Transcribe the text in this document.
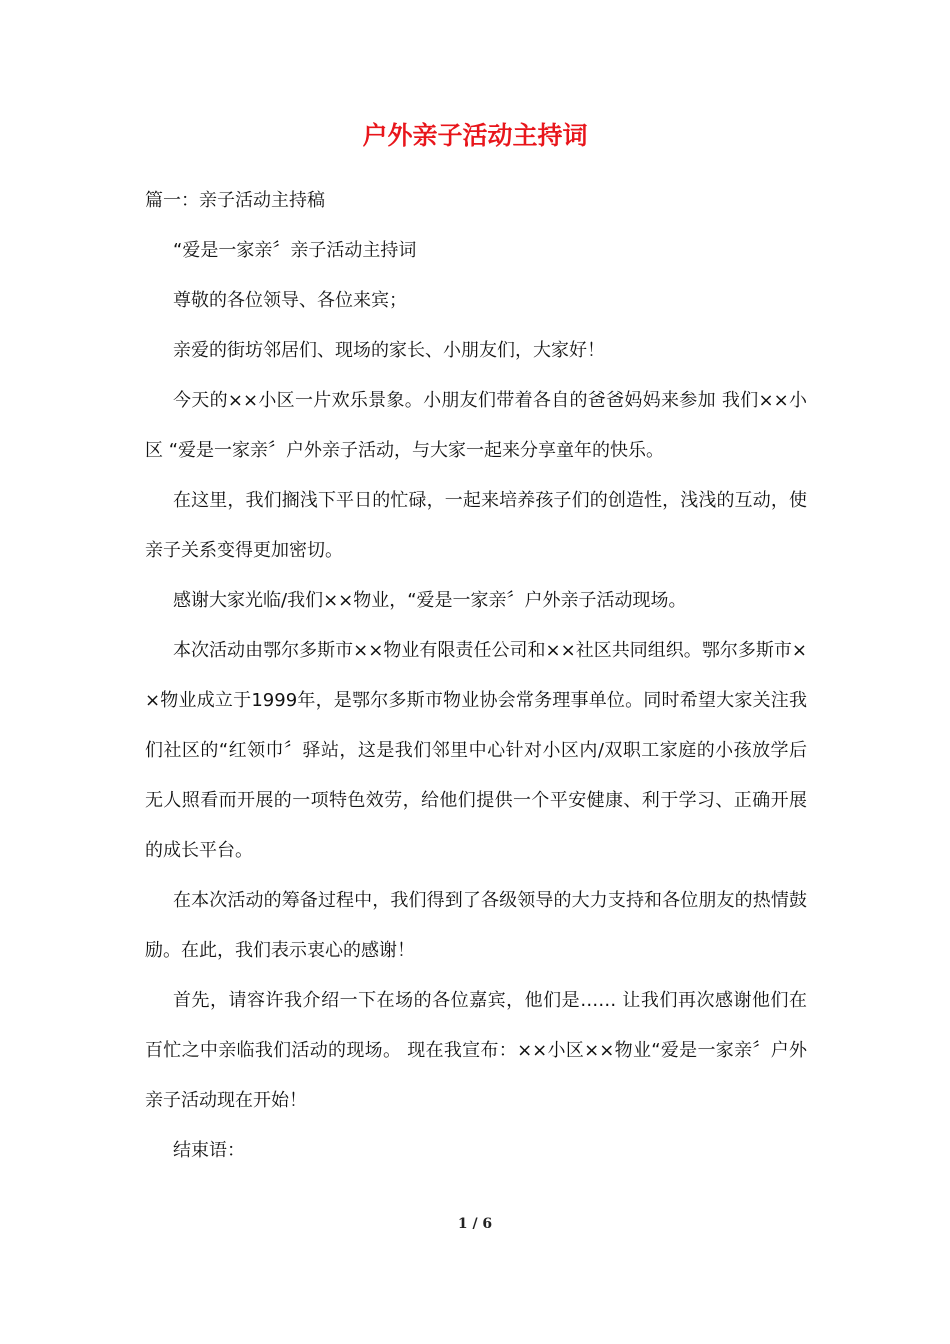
户外亲子活动主持词

篇一：亲子活动主持稿

“爱是一家亲〞亲子活动主持词

尊敬的各位领导、各位来宾；

亲爱的街坊邻居们、现场的家长、小朋友们，大家好！

今天的××小区一片欢乐景象。小朋友们带着各自的爸爸妈妈来参加 我们××小区 “爱是一家亲〞户外亲子活动，与大家一起来分享童年的快乐。

在这里，我们搁浅下平日的忙碌，一起来培养孩子们的创造性，浅浅的互动，使亲子关系变得更加密切。

感谢大家光临/我们××物业，“爱是一家亲〞户外亲子活动现场。

本次活动由鄂尔多斯市××物业有限责任公司和××社区共同组织。鄂尔多斯市××物业成立于1999年，是鄂尔多斯市物业协会常务理事单位。同时希望大家关注我们社区的“红领巾〞驿站，这是我们邻里中心针对小区内/双职工家庭的小孩放学后无人照看而开展的一项特色效劳，给他们提供一个平安健康、利于学习、正确开展的成长平台。

在本次活动的筹备过程中，我们得到了各级领导的大力支持和各位朋友的热情鼓励。在此，我们表示衷心的感谢！

首先，请容许我介绍一下在场的各位嘉宾，他们是…… 让我们再次感谢他们在百忙之中亲临我们活动的现场。 现在我宣布：××小区××物业“爱是一家亲〞户外亲子活动现在开始！

结束语：

1 / 6
